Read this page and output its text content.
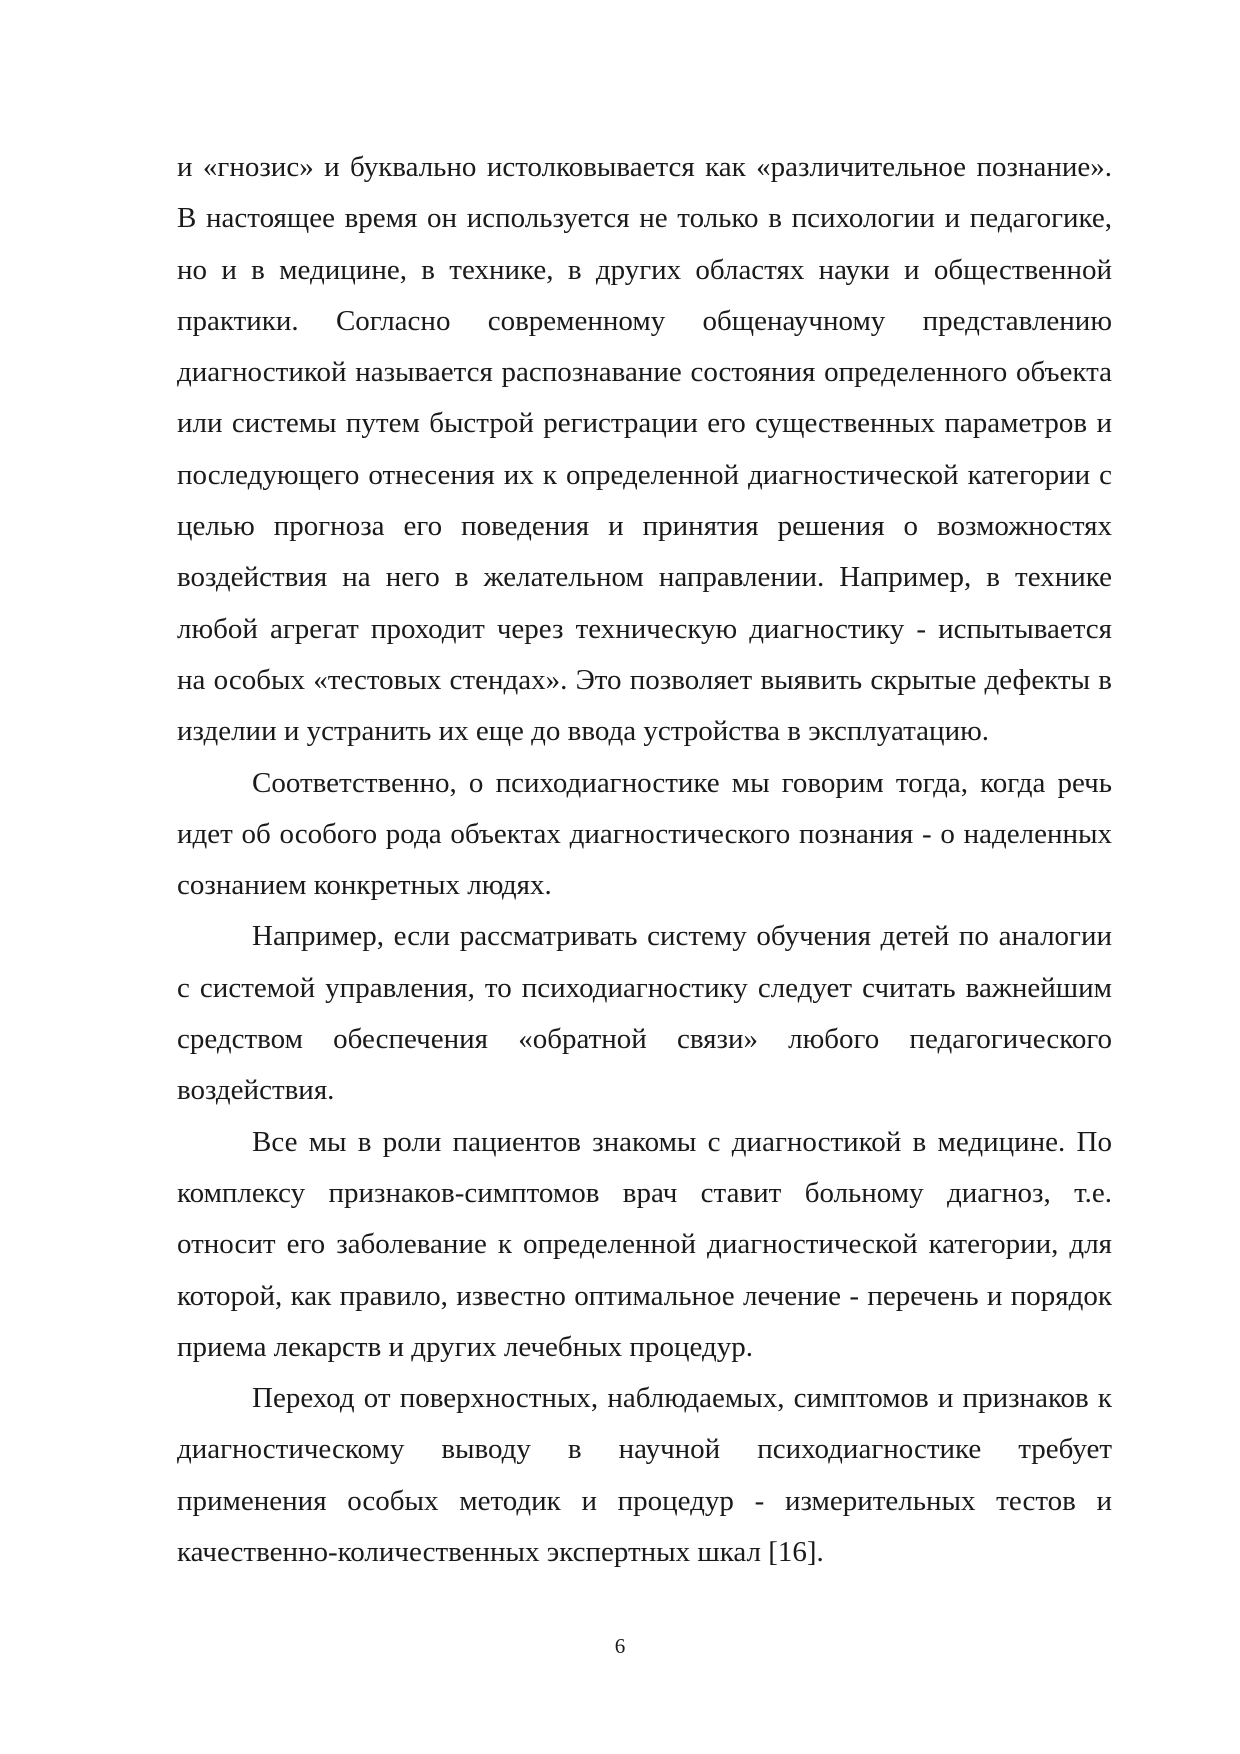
и «гнозис» и буквально истолковывается как «различительное познание». В настоящее время он используется не только в психологии и педагогике, но и в медицине, в технике, в других областях науки и общественной практики. Согласно современному общенаучному представлению диагностикой называется распознавание состояния определенного объекта или системы путем быстрой регистрации его существенных параметров и последующего отнесения их к определенной диагностической категории с целью прогноза его поведения и принятия решения о возможностях воздействия на него в желательном направлении. Например, в технике любой агрегат проходит через техническую диагностику - испытывается на особых «тестовых стендах». Это позволяет выявить скрытые дефекты в изделии и устранить их еще до ввода устройства в эксплуатацию.

Соответственно, о психодиагностике мы говорим тогда, когда речь идет об особого рода объектах диагностического познания - о наделенных сознанием конкретных людях.

Например, если рассматривать систему обучения детей по аналогии с системой управления, то психодиагностику следует считать важнейшим средством обеспечения «обратной связи» любого педагогического воздействия.

Все мы в роли пациентов знакомы с диагностикой в медицине. По комплексу признаков-симптомов врач ставит больному диагноз, т.е. относит его заболевание к определенной диагностической категории, для которой, как правило, известно оптимальное лечение - перечень и порядок приема лекарств и других лечебных процедур.

Переход от поверхностных, наблюдаемых, симптомов и признаков к диагностическому выводу в научной психодиагностике требует применения особых методик и процедур - измерительных тестов и качественно-количественных экспертных шкал [16].

6
